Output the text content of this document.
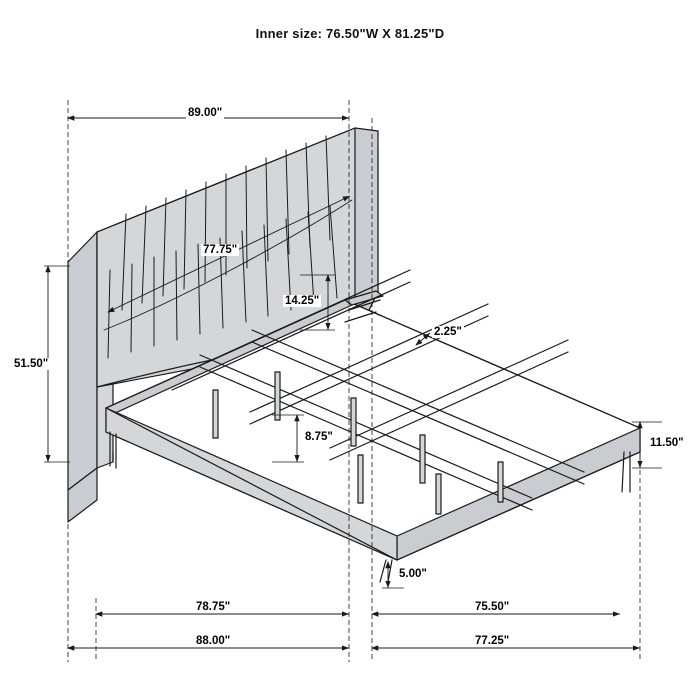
Inner size: 76.50"W X 81.25"D
89.00"
77.75"
14.25"
2.25"
51.50"
8.75"	11.50"
5.00"
78.75"	75.50"
88.00"	77.25"
